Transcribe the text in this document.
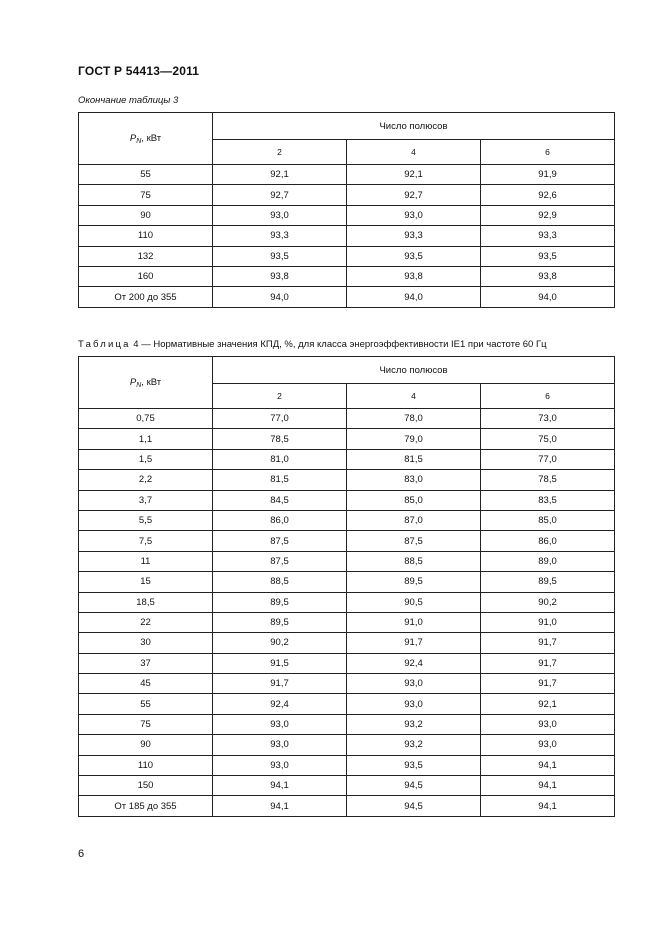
ГОСТ Р 54413—2011
Окончание таблицы 3
$P_N$, кВт	Число полюсов		
	2	4	6
55	92,1	92,1	91,9
75	92,7	92,7	92,6
90	93,0	93,0	92,9
110	93,3	93,3	93,3
132	93,5	93,5	93,5
160	93,8	93,8	93,8
От 200 до 355	94,0	94,0	94,0
Таблица 4 — Нормативные значения КПД, %, для класса энергоэффективности IE1 при частоте 60 Гц
$P_N$, кВт	Число полюсов		
	2	4	6
0,75	77,0	78,0	73,0
1,1	78,5	79,0	75,0
1,5	81,0	81,5	77,0
2,2	81,5	83,0	78,5
3,7	84,5	85,0	83,5
5,5	86,0	87,0	85,0
7,5	87,5	87,5	86,0
11	87,5	88,5	89,0
15	88,5	89,5	89,5
18,5	89,5	90,5	90,2
22	89,5	91,0	91,0
30	90,2	91,7	91,7
37	91,5	92,4	91,7
45	91,7	93,0	91,7
55	92,4	93,0	92,1
75	93,0	93,2	93,0
90	93,0	93,2	93,0
110	93,0	93,5	94,1
150	94,1	94,5	94,1
От 185 до 355	94,1	94,5	94,1
6
